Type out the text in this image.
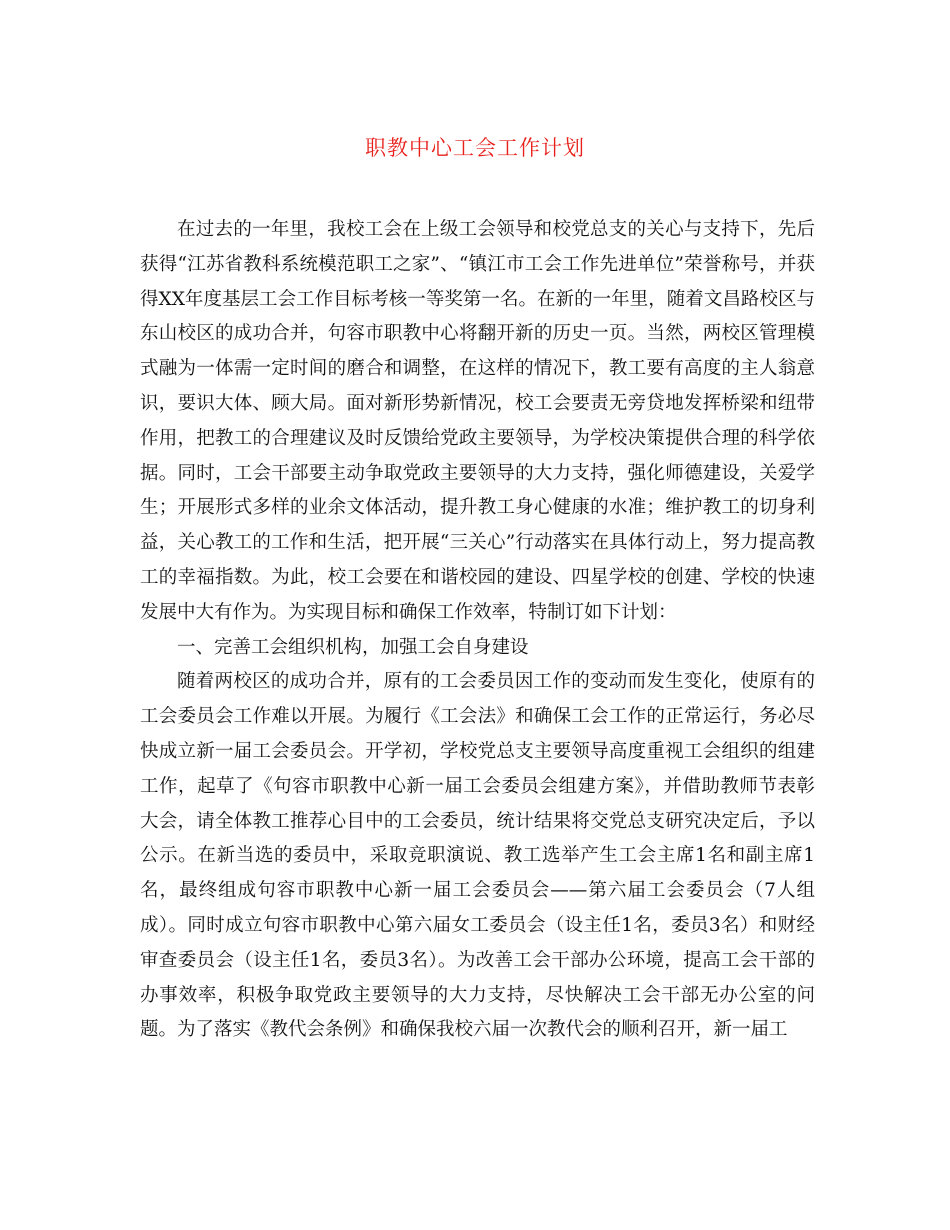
职教中心工会工作计划

在过去的一年里，我校工会在上级工会领导和校党总支的关心与支持下，先后获得“江苏省教科系统模范职工之家”、“镇江市工会工作先进单位”荣誉称号，并获得XX年度基层工会工作目标考核一等奖第一名。在新的一年里，随着文昌路校区与东山校区的成功合并，句容市职教中心将翻开新的历史一页。当然，两校区管理模式融为一体需一定时间的磨合和调整，在这样的情况下，教工要有高度的主人翁意识，要识大体、顾大局。面对新形势新情况，校工会要责无旁贷地发挥桥梁和纽带作用，把教工的合理建议及时反馈给党政主要领导，为学校决策提供合理的科学依据。同时，工会干部要主动争取党政主要领导的大力支持，强化师德建设，关爱学生；开展形式多样的业余文体活动，提升教工身心健康的水准；维护教工的切身利益，关心教工的工作和生活，把开展“三关心”行动落实在具体行动上，努力提高教工的幸福指数。为此，校工会要在和谐校园的建设、四星学校的创建、学校的快速发展中大有作为。为实现目标和确保工作效率，特制订如下计划：

一、完善工会组织机构，加强工会自身建设

随着两校区的成功合并，原有的工会委员因工作的变动而发生变化，使原有的工会委员会工作难以开展。为履行《工会法》和确保工会工作的正常运行，务必尽快成立新一届工会委员会。开学初，学校党总支主要领导高度重视工会组织的组建工作，起草了《句容市职教中心新一届工会委员会组建方案》，并借助教师节表彰大会，请全体教工推荐心目中的工会委员，统计结果将交党总支研究决定后，予以公示。在新当选的委员中，采取竞职演说、教工选举产生工会主席1名和副主席1名，最终组成句容市职教中心新一届工会委员会——第六届工会委员会（7人组成）。同时成立句容市职教中心第六届女工委员会（设主任1名，委员3名）和财经审查委员会（设主任1名，委员3名）。为改善工会干部办公环境，提高工会干部的办事效率，积极争取党政主要领导的大力支持，尽快解决工会干部无办公室的问题。为了落实《教代会条例》和确保我校六届一次教代会的顺利召开，新一届工
